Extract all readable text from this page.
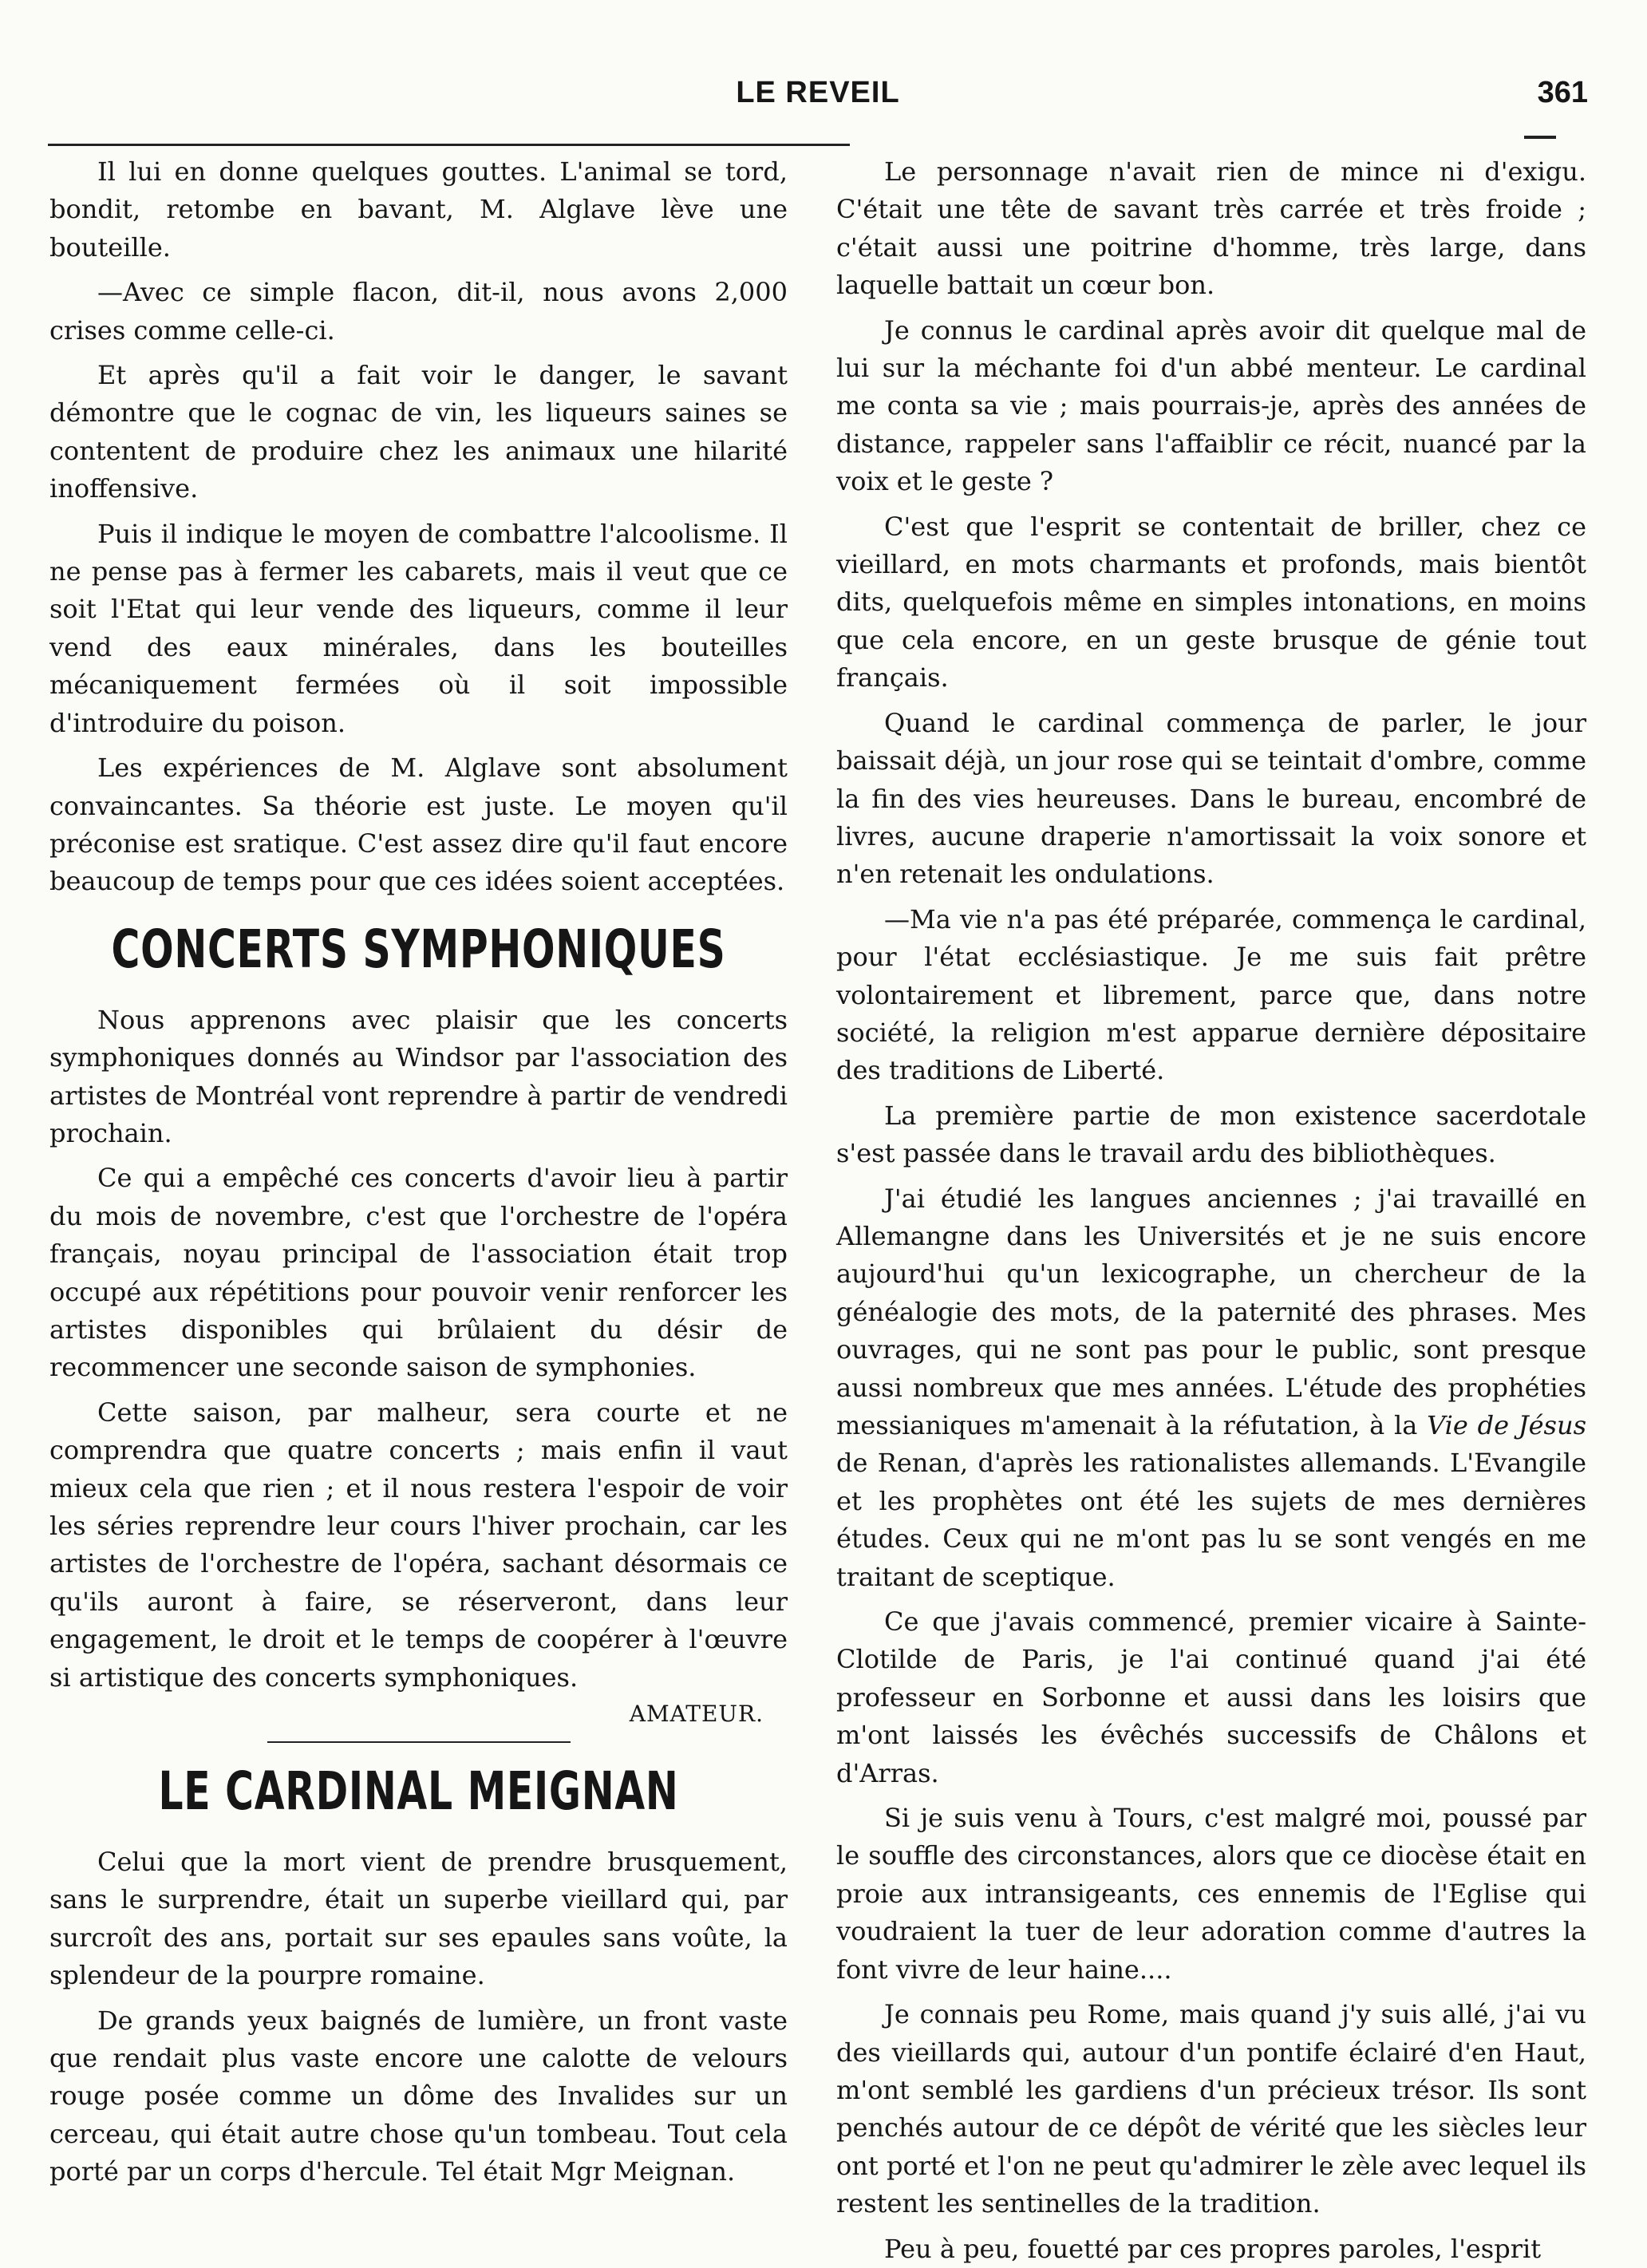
LE REVEIL	361

Il lui en donne quelques gouttes. L'animal se tord, bondit, retombe en bavant, M. Alglave lève une bouteille.

—Avec ce simple flacon, dit-il, nous avons 2,000 crises comme celle-ci.

Et après qu'il a fait voir le danger, le savant démontre que le cognac de vin, les liqueurs saines se contentent de produire chez les animaux une hilarité inoffensive.

Puis il indique le moyen de combattre l'alcoolisme. Il ne pense pas à fermer les cabarets, mais il veut que ce soit l'Etat qui leur vende des liqueurs, comme il leur vend des eaux minérales, dans les bouteilles mécaniquement fermées où il soit impossible d'introduire du poison.

Les expériences de M. Alglave sont absolument convaincantes. Sa théorie est juste. Le moyen qu'il préconise est sratique. C'est assez dire qu'il faut encore beaucoup de temps pour que ces idées soient acceptées.

CONCERTS SYMPHONIQUES

Nous apprenons avec plaisir que les concerts symphoniques donnés au Windsor par l'association des artistes de Montréal vont reprendre à partir de vendredi prochain.

Ce qui a empêché ces concerts d'avoir lieu à partir du mois de novembre, c'est que l'orchestre de l'opéra français, noyau principal de l'association était trop occupé aux répétitions pour pouvoir venir renforcer les artistes disponibles qui brûlaient du désir de recommencer une seconde saison de symphonies.

Cette saison, par malheur, sera courte et ne comprendra que quatre concerts ; mais enfin il vaut mieux cela que rien ; et il nous restera l'espoir de voir les séries reprendre leur cours l'hiver prochain, car les artistes de l'orchestre de l'opéra, sachant désormais ce qu'ils auront à faire, se réserveront, dans leur engagement, le droit et le temps de coopérer à l'œuvre si artistique des concerts symphoniques.

AMATEUR.
LE CARDINAL MEIGNAN

Celui que la mort vient de prendre brusquement, sans le surprendre, était un superbe vieillard qui, par surcroît des ans, portait sur ses epaules sans voûte, la splendeur de la pourpre romaine.

De grands yeux baignés de lumière, un front vaste que rendait plus vaste encore une calotte de velours rouge posée comme un dôme des Invalides sur un cerceau, qui était autre chose qu'un tombeau. Tout cela porté par un corps d'hercule. Tel était Mgr Meignan.

Le personnage n'avait rien de mince ni d'exigu. C'était une tête de savant très carrée et très froide ; c'était aussi une poitrine d'homme, très large, dans laquelle battait un cœur bon.

Je connus le cardinal après avoir dit quelque mal de lui sur la méchante foi d'un abbé menteur. Le cardinal me conta sa vie ; mais pourrais-je, après des années de distance, rappeler sans l'affaiblir ce récit, nuancé par la voix et le geste ?

C'est que l'esprit se contentait de briller, chez ce vieillard, en mots charmants et profonds, mais bientôt dits, quelquefois même en simples intonations, en moins que cela encore, en un geste brusque de génie tout français.

Quand le cardinal commença de parler, le jour baissait déjà, un jour rose qui se teintait d'ombre, comme la fin des vies heureuses. Dans le bureau, encombré de livres, aucune draperie n'amortissait la voix sonore et n'en retenait les ondulations.

—Ma vie n'a pas été préparée, commença le cardinal, pour l'état ecclésiastique. Je me suis fait prêtre volontairement et librement, parce que, dans notre société, la religion m'est apparue dernière dépositaire des traditions de Liberté.

La première partie de mon existence sacerdotale s'est passée dans le travail ardu des bibliothèques.

J'ai étudié les langues anciennes ; j'ai travaillé en Allemangne dans les Universités et je ne suis encore aujourd'hui qu'un lexicographe, un chercheur de la généalogie des mots, de la paternité des phrases. Mes ouvrages, qui ne sont pas pour le public, sont presque aussi nombreux que mes années. L'étude des prophéties messianiques m'amenait à la réfutation, à la Vie de Jésus de Renan, d'après les rationalistes allemands. L'Evangile et les prophètes ont été les sujets de mes dernières études. Ceux qui ne m'ont pas lu se sont vengés en me traitant de sceptique.

Ce que j'avais commencé, premier vicaire à Sainte-Clotilde de Paris, je l'ai continué quand j'ai été professeur en Sorbonne et aussi dans les loisirs que m'ont laissés les évêchés successifs de Châlons et d'Arras.

Si je suis venu à Tours, c'est malgré moi, poussé par le souffle des circonstances, alors que ce diocèse était en proie aux intransigeants, ces ennemis de l'Eglise qui voudraient la tuer de leur adoration comme d'autres la font vivre de leur haine....

Je connais peu Rome, mais quand j'y suis allé, j'ai vu des vieillards qui, autour d'un pontife éclairé d'en Haut, m'ont semblé les gardiens d'un précieux trésor. Ils sont penchés autour de ce dépôt de vérité que les siècles leur ont porté et l'on ne peut qu'admirer le zèle avec lequel ils restent les sentinelles de la tradition.

Peu à peu, fouetté par ces propres paroles, l'esprit
